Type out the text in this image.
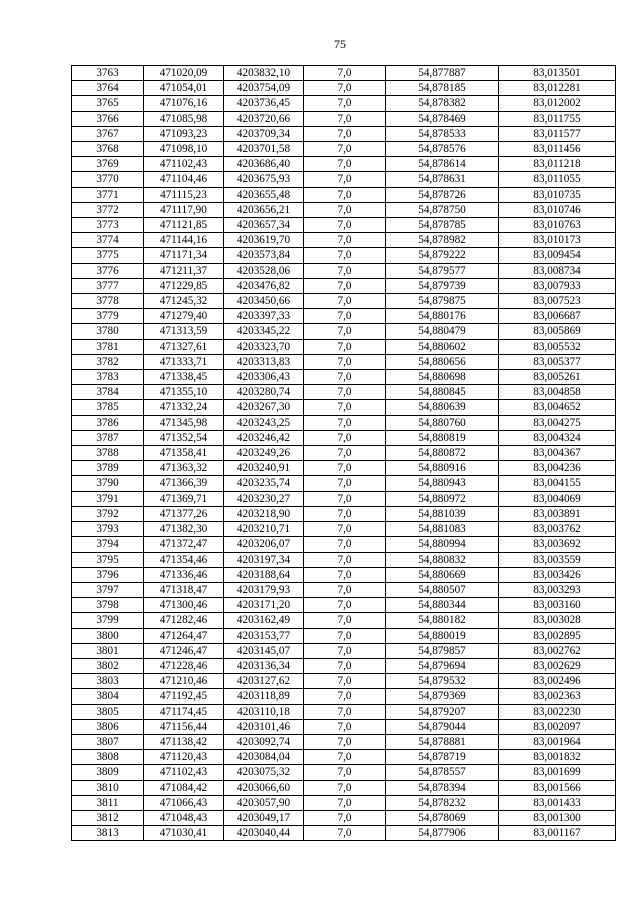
75
3763	471020,09	4203832,10	7,0	54,877887	83,013501
3764	471054,01	4203754,09	7,0	54,878185	83,012281
3765	471076,16	4203736,45	7,0	54,878382	83,012002
3766	471085,98	4203720,66	7,0	54,878469	83,011755
3767	471093,23	4203709,34	7,0	54,878533	83,011577
3768	471098,10	4203701,58	7,0	54,878576	83,011456
3769	471102,43	4203686,40	7,0	54,878614	83,011218
3770	471104,46	4203675,93	7,0	54,878631	83,011055
3771	471115,23	4203655,48	7,0	54,878726	83,010735
3772	471117,90	4203656,21	7,0	54,878750	83,010746
3773	471121,85	4203657,34	7,0	54,878785	83,010763
3774	471144,16	4203619,70	7,0	54,878982	83,010173
3775	471171,34	4203573,84	7,0	54,879222	83,009454
3776	471211,37	4203528,06	7,0	54,879577	83,008734
3777	471229,85	4203476,82	7,0	54,879739	83,007933
3778	471245,32	4203450,66	7,0	54,879875	83,007523
3779	471279,40	4203397,33	7,0	54,880176	83,006687
3780	471313,59	4203345,22	7,0	54,880479	83,005869
3781	471327,61	4203323,70	7,0	54,880602	83,005532
3782	471333,71	4203313,83	7,0	54,880656	83,005377
3783	471338,45	4203306,43	7,0	54,880698	83,005261
3784	471355,10	4203280,74	7,0	54,880845	83,004858
3785	471332,24	4203267,30	7,0	54,880639	83,004652
3786	471345,98	4203243,25	7,0	54,880760	83,004275
3787	471352,54	4203246,42	7,0	54,880819	83,004324
3788	471358,41	4203249,26	7,0	54,880872	83,004367
3789	471363,32	4203240,91	7,0	54,880916	83,004236
3790	471366,39	4203235,74	7,0	54,880943	83,004155
3791	471369,71	4203230,27	7,0	54,880972	83,004069
3792	471377,26	4203218,90	7,0	54,881039	83,003891
3793	471382,30	4203210,71	7,0	54,881083	83,003762
3794	471372,47	4203206,07	7,0	54,880994	83,003692
3795	471354,46	4203197,34	7,0	54,880832	83,003559
3796	471336,46	4203188,64	7,0	54,880669	83,003426
3797	471318,47	4203179,93	7,0	54,880507	83,003293
3798	471300,46	4203171,20	7,0	54,880344	83,003160
3799	471282,46	4203162,49	7,0	54,880182	83,003028
3800	471264,47	4203153,77	7,0	54,880019	83,002895
3801	471246,47	4203145,07	7,0	54,879857	83,002762
3802	471228,46	4203136,34	7,0	54,879694	83,002629
3803	471210,46	4203127,62	7,0	54,879532	83,002496
3804	471192,45	4203118,89	7,0	54,879369	83,002363
3805	471174,45	4203110,18	7,0	54,879207	83,002230
3806	471156,44	4203101,46	7,0	54,879044	83,002097
3807	471138,42	4203092,74	7,0	54,878881	83,001964
3808	471120,43	4203084,04	7,0	54,878719	83,001832
3809	471102,43	4203075,32	7,0	54,878557	83,001699
3810	471084,42	4203066,60	7,0	54,878394	83,001566
3811	471066,43	4203057,90	7,0	54,878232	83,001433
3812	471048,43	4203049,17	7,0	54,878069	83,001300
3813	471030,41	4203040,44	7,0	54,877906	83,001167
